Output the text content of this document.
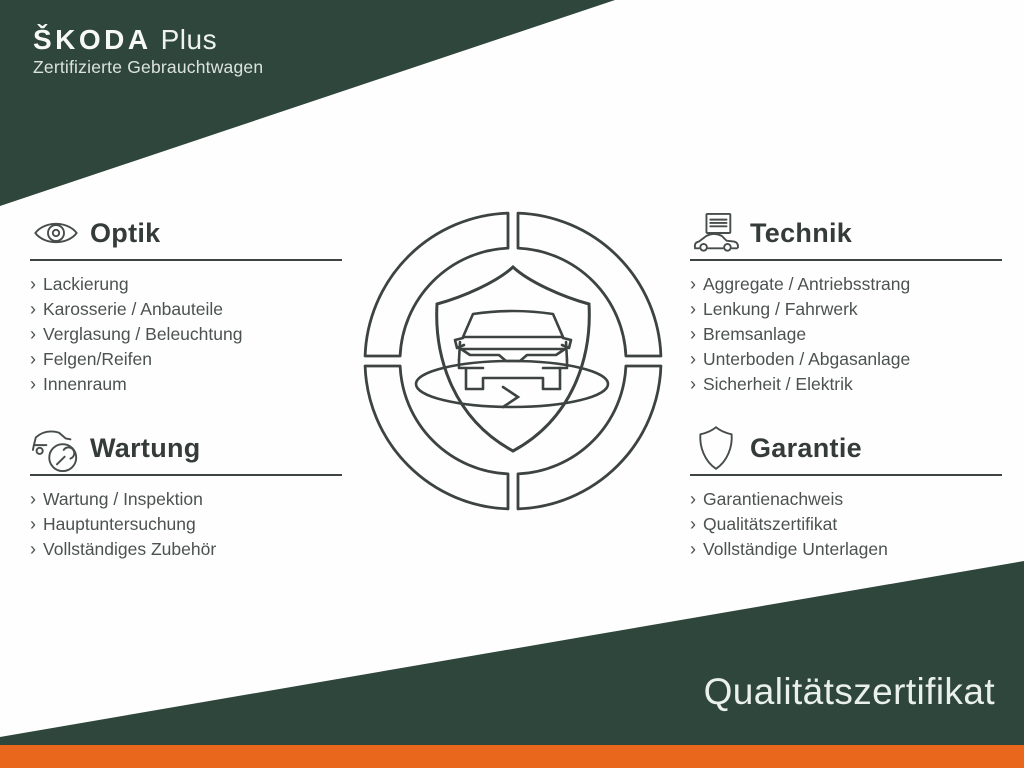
ŠKODA Plus
Zertifizierte Gebrauchtwagen
Optik
› Lackierung
› Karosserie / Anbauteile
› Verglasung / Beleuchtung
› Felgen/Reifen
› Innenraum
Technik
› Aggregate / Antriebsstrang
› Lenkung / Fahrwerk
› Bremsanlage
› Unterboden / Abgasanlage
› Sicherheit / Elektrik
Wartung
› Wartung / Inspektion
› Hauptuntersuchung
› Vollständiges Zubehör
Garantie
› Garantienachweis
› Qualitätszertifikat
› Vollständige Unterlagen
Qualitätszertifikat
